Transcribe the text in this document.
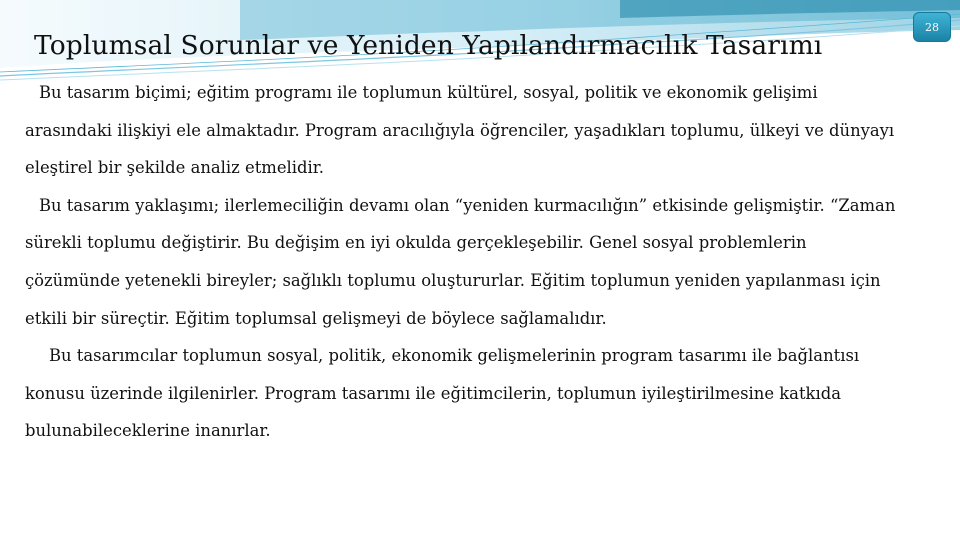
Toplumsal Sorunlar ve Yeniden Yapılandırmacılık Tasarımı
28
Bu tasarım biçimi; eğitim programı ile toplumun kültürel, sosyal, politik ve ekonomik gelişimi
arasındaki ilişkiyi ele almaktadır. Program aracılığıyla öğrenciler, yaşadıkları toplumu, ülkeyi ve dünyayı
eleştirel bir şekilde analiz etmelidir.
Bu tasarım yaklaşımı; ilerlemeciliğin devamı olan “yeniden kurmacılığın” etkisinde gelişmiştir. “Zaman
sürekli toplumu değiştirir. Bu değişim en iyi okulda gerçekleşebilir. Genel sosyal problemlerin
çözümünde yetenekli bireyler; sağlıklı toplumu oluştururlar. Eğitim toplumun yeniden yapılanması için
etkili bir süreçtir. Eğitim toplumsal gelişmeyi de böylece sağlamalıdır.
Bu tasarımcılar toplumun sosyal, politik, ekonomik gelişmelerinin program tasarımı ile bağlantısı
konusu üzerinde ilgilenirler. Program tasarımı ile eğitimcilerin, toplumun iyileştirilmesine katkıda
bulunabileceklerine inanırlar.
